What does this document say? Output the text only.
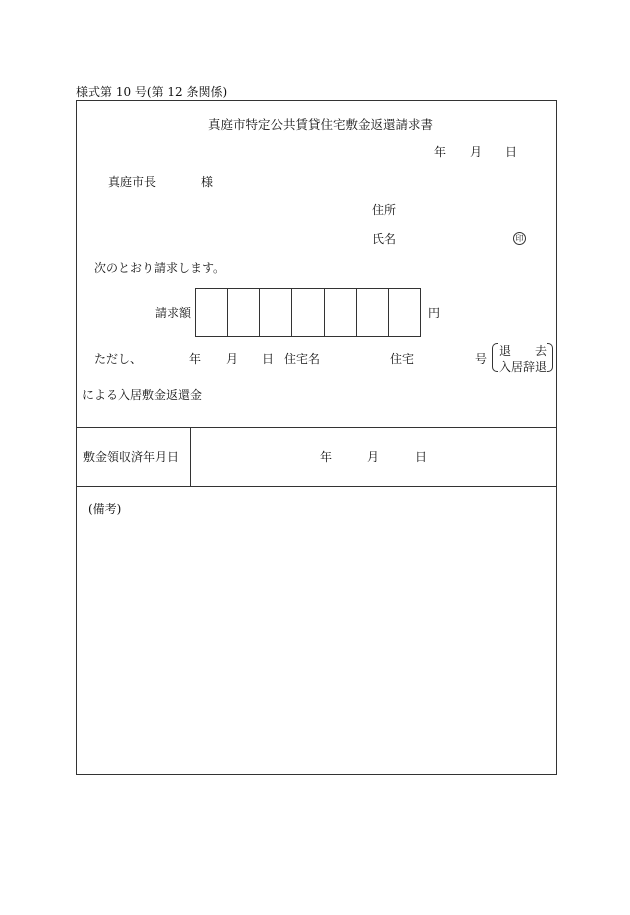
様式第 10 号(第 12 条関係)
真庭市特定公共賃貸住宅敷金返還請求書
年 月 日
真庭市長	様
住所
氏名	印
次のとおり請求します。
請求額	円
ただし、	年 月 日 住宅名	住宅	号
退　　去
入居辞退
による入居敷金返還金
敷金領収済年月日	年	月	日
(備考)
